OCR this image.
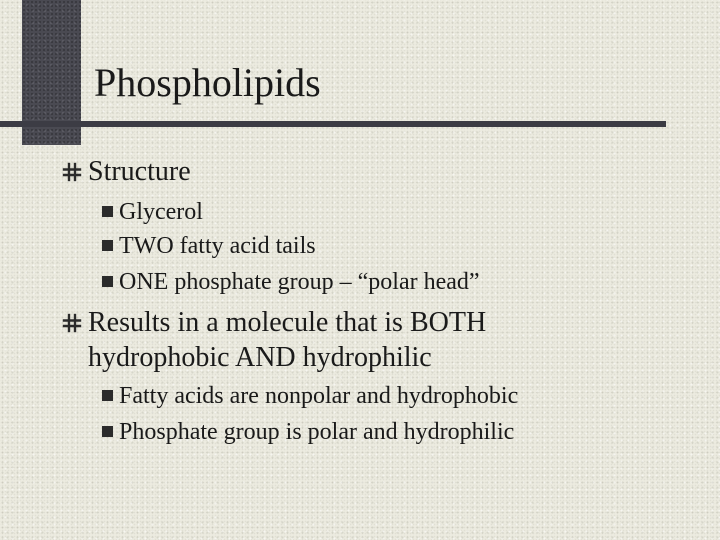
Phospholipids
Structure
Glycerol
TWO fatty acid tails
ONE phosphate group – “polar head”
Results in a molecule that is BOTH
hydrophobic AND hydrophilic
Fatty acids are nonpolar and hydrophobic
Phosphate group is polar and hydrophilic
